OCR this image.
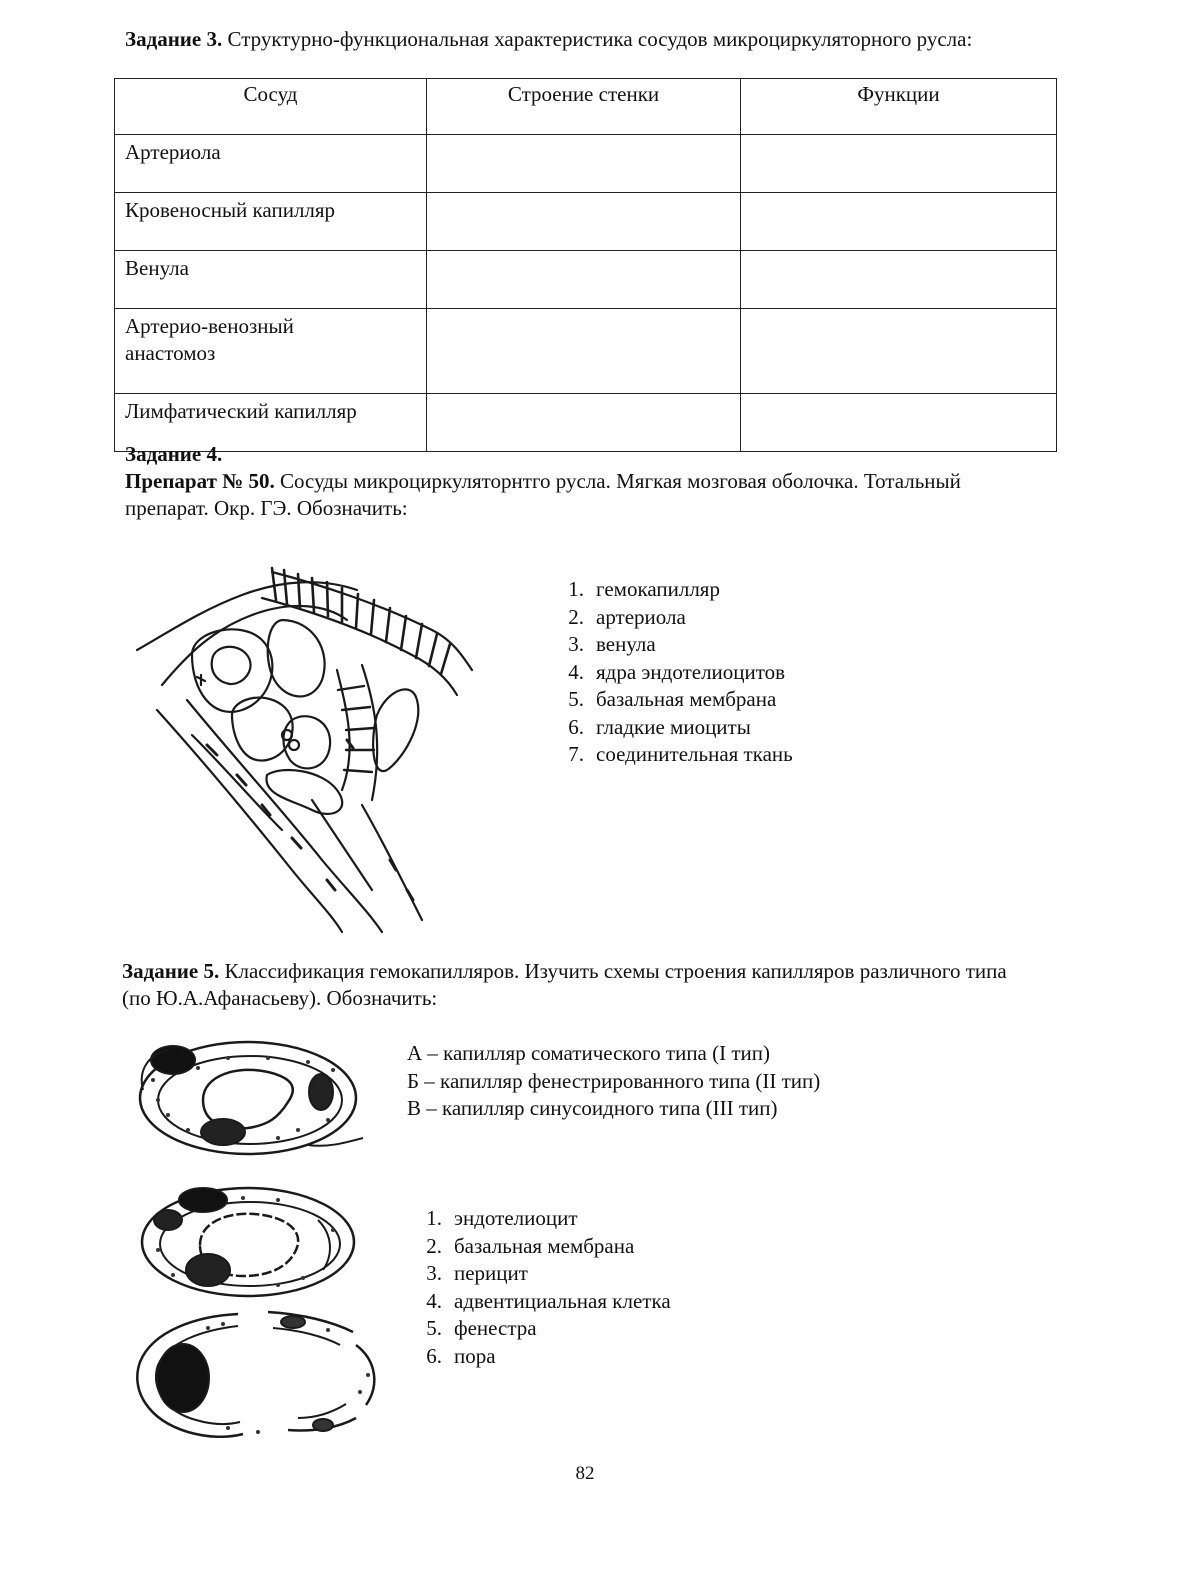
Задание 3. Структурно-функциональная характеристика сосудов микроциркуляторного русла:
Сосуд	Строение стенки	Функции
Артериола		
Кровеносный капилляр		
Венула		
Артерио-венозный анастомоз		
Лимфатический капилляр		
Задание 4.
Препарат № 50. Сосуды микроциркуляторнтго русла. Мягкая мозговая оболочка. Тотальный препарат. Окр. ГЭ. Обозначить:
1. гемокапилляр
2. артериола
3. венула
4. ядра эндотелиоцитов
5. базальная мембрана
6. гладкие миоциты
7. соединительная ткань
Задание 5. Классификация гемокапилляров. Изучить схемы строения капилляров различного типа (по Ю.А.Афанасьеву). Обозначить:
А – капилляр соматического типа (I тип)
Б – капилляр фенестрированного типа (II тип)
В – капилляр синусоидного типа (III тип)
1. эндотелиоцит
2. базальная мембрана
3. перицит
4. адвентициальная клетка
5. фенестра
6. пора
82
